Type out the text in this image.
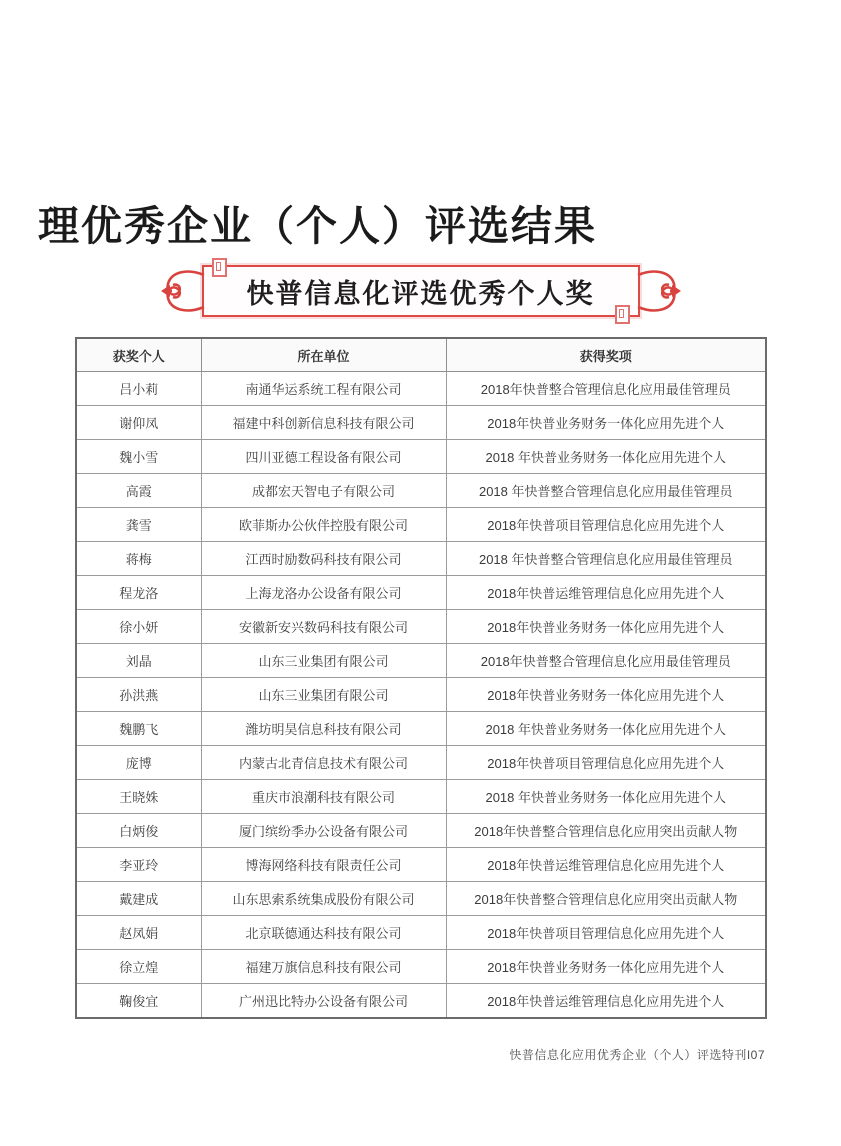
理优秀企业（个人）评选结果
快普信息化评选优秀个人奖
获奖个人	所在单位	获得奖项
吕小莉	南通华运系统工程有限公司	2018年快普整合管理信息化应用最佳管理员
谢仰凤	福建中科创新信息科技有限公司	2018年快普业务财务一体化应用先进个人
魏小雪	四川亚德工程设备有限公司	2018 年快普业务财务一体化应用先进个人
高霞	成都宏天智电子有限公司	2018 年快普整合管理信息化应用最佳管理员
龚雪	欧菲斯办公伙伴控股有限公司	2018年快普项目管理信息化应用先进个人
蒋梅	江西时励数码科技有限公司	2018 年快普整合管理信息化应用最佳管理员
程龙洛	上海龙洛办公设备有限公司	2018年快普运维管理信息化应用先进个人
徐小妍	安徽新安兴数码科技有限公司	2018年快普业务财务一体化应用先进个人
刘晶	山东三业集团有限公司	2018年快普整合管理信息化应用最佳管理员
孙洪燕	山东三业集团有限公司	2018年快普业务财务一体化应用先进个人
魏鹏飞	潍坊明昊信息科技有限公司	2018 年快普业务财务一体化应用先进个人
庞博	内蒙古北青信息技术有限公司	2018年快普项目管理信息化应用先进个人
王晓姝	重庆市浪潮科技有限公司	2018 年快普业务财务一体化应用先进个人
白炳俊	厦门缤纷季办公设备有限公司	2018年快普整合管理信息化应用突出贡献人物
李亚玲	博海网络科技有限责任公司	2018年快普运维管理信息化应用先进个人
戴建成	山东思索系统集成股份有限公司	2018年快普整合管理信息化应用突出贡献人物
赵凤娟	北京联德通达科技有限公司	2018年快普项目管理信息化应用先进个人
徐立煌	福建万旗信息科技有限公司	2018年快普业务财务一体化应用先进个人
鞠俊宜	广州迅比特办公设备有限公司	2018年快普运维管理信息化应用先进个人
快普信息化应用优秀企业（个人）评选特刊I07
